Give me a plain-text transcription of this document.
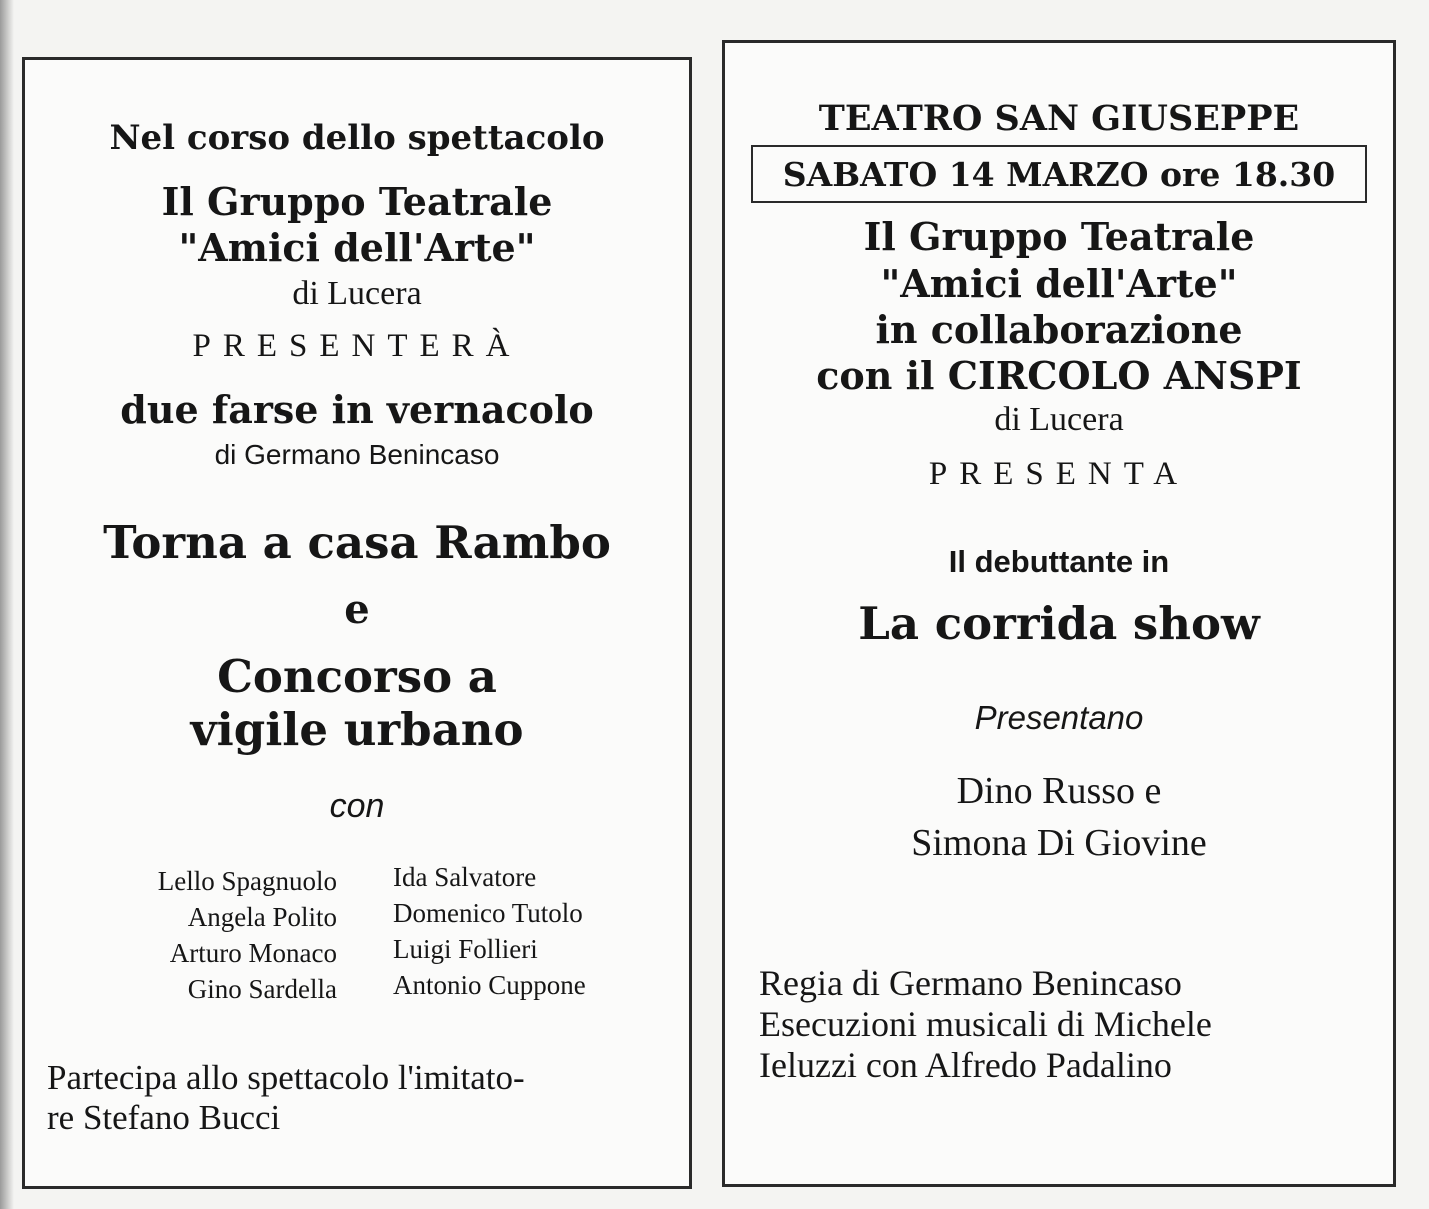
Nel corso dello spettacolo
Il Gruppo Teatrale
"Amici dell'Arte"
di Lucera
PRESENTERÀ
due farse in vernacolo
di Germano Benincaso
Torna a casa Rambo
e
Concorso a
vigile urbano
con
Lello Spagnuolo
Angela Polito
Arturo Monaco
Gino Sardella
Ida Salvatore
Domenico Tutolo
Luigi Follieri
Antonio Cuppone
Partecipa allo spettacolo l'imitato-
re Stefano Bucci
TEATRO SAN GIUSEPPE
SABATO 14 MARZO ore 18.30
Il Gruppo Teatrale
"Amici dell'Arte"
in collaborazione
con il CIRCOLO ANSPI
di Lucera
PRESENTA
Il debuttante in
La corrida show
Presentano
Dino Russo e
Simona Di Giovine
Regia di Germano Benincaso
Esecuzioni musicali di Michele
Ieluzzi con Alfredo Padalino
